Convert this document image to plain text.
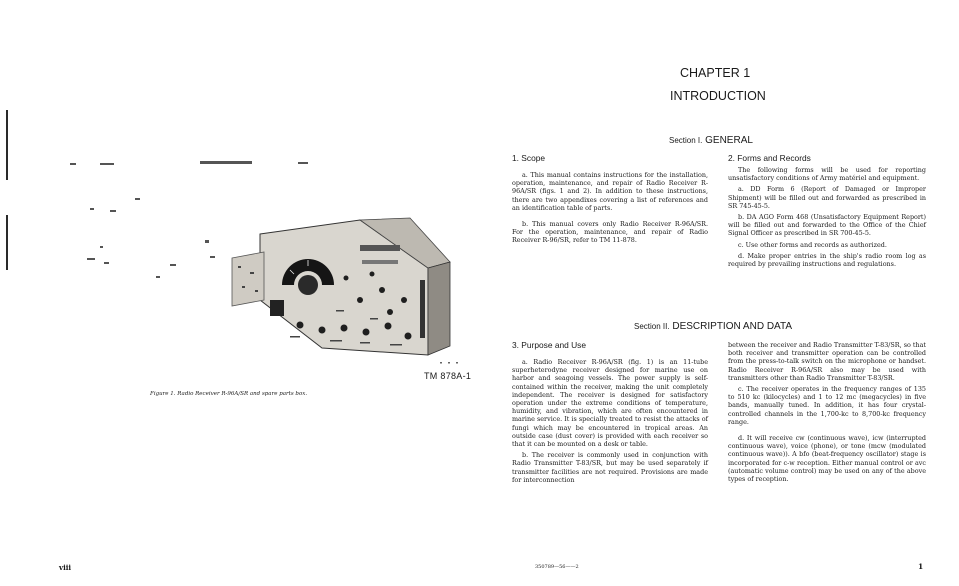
TM 878A-1
Figure 1. Radio Receiver R-96A/SR and spare parts box.
viii
CHAPTER 1
INTRODUCTION
Section I. GENERAL
1. Scope

a. This manual contains instructions for the installation, operation, maintenance, and repair of Radio Receiver R-96A/SR (figs. 1 and 2). In addition to these instructions, there are two appendixes covering a list of references and an identification table of parts.

b. This manual covers only Radio Receiver R-96A/SR. For the operation, maintenance, and repair of Radio Receiver R-96/SR, refer to TM 11-878.

2. Forms and Records

The following forms will be used for reporting unsatisfactory conditions of Army matériel and equipment.

a. DD Form 6 (Report of Damaged or Improper Shipment) will be filled out and forwarded as prescribed in SR 745-45-5.

b. DA AGO Form 468 (Unsatisfactory Equipment Report) will be filled out and forwarded to the Office of the Chief Signal Officer as prescribed in SR 700-45-5.

c. Use other forms and records as authorized.

d. Make proper entries in the ship's radio room log as required by prevailing instructions and regulations.

Section II. DESCRIPTION AND DATA
3. Purpose and Use

a. Radio Receiver R-96A/SR (fig. 1) is an 11-tube superheterodyne receiver designed for marine use on harbor and seagoing vessels. The power supply is self-contained within the receiver, making the unit completely independent. The receiver is designed for satisfactory operation under the extreme conditions of temperature, humidity, and vibration, which are often encountered in marine service. It is specially treated to resist the attacks of fungi which may be encountered in tropical areas. An outside case (dust cover) is provided with each receiver so that it can be mounted on a desk or table.

b. The receiver is commonly used in conjunction with Radio Transmitter T-83/SR, but may be used separately if transmitter facilities are not required. Provisions are made for interconnection

between the receiver and Radio Transmitter T-83/SR, so that both receiver and transmitter operation can be controlled from the press-to-talk switch on the microphone or handset. Radio Receiver R-96A/SR also may be used with transmitters other than Radio Transmitter T-83/SR.

c. The receiver operates in the frequency ranges of 135 to 510 kc (kilocycles) and 1 to 12 mc (megacycles) in five bands, manually tuned. In addition, it has four crystal-controlled channels in the 1,700-kc to 8,700-kc frequency range.

d. It will receive cw (continuous wave), icw (interrupted continuous wave), voice (phone), or tone (mcw (modulated continuous wave)). A bfo (beat-frequency oscillator) stage is incorporated for c-w reception. Either manual control or avc (automatic volume control) may be used on any of the above types of reception.

350789—56——2	1
